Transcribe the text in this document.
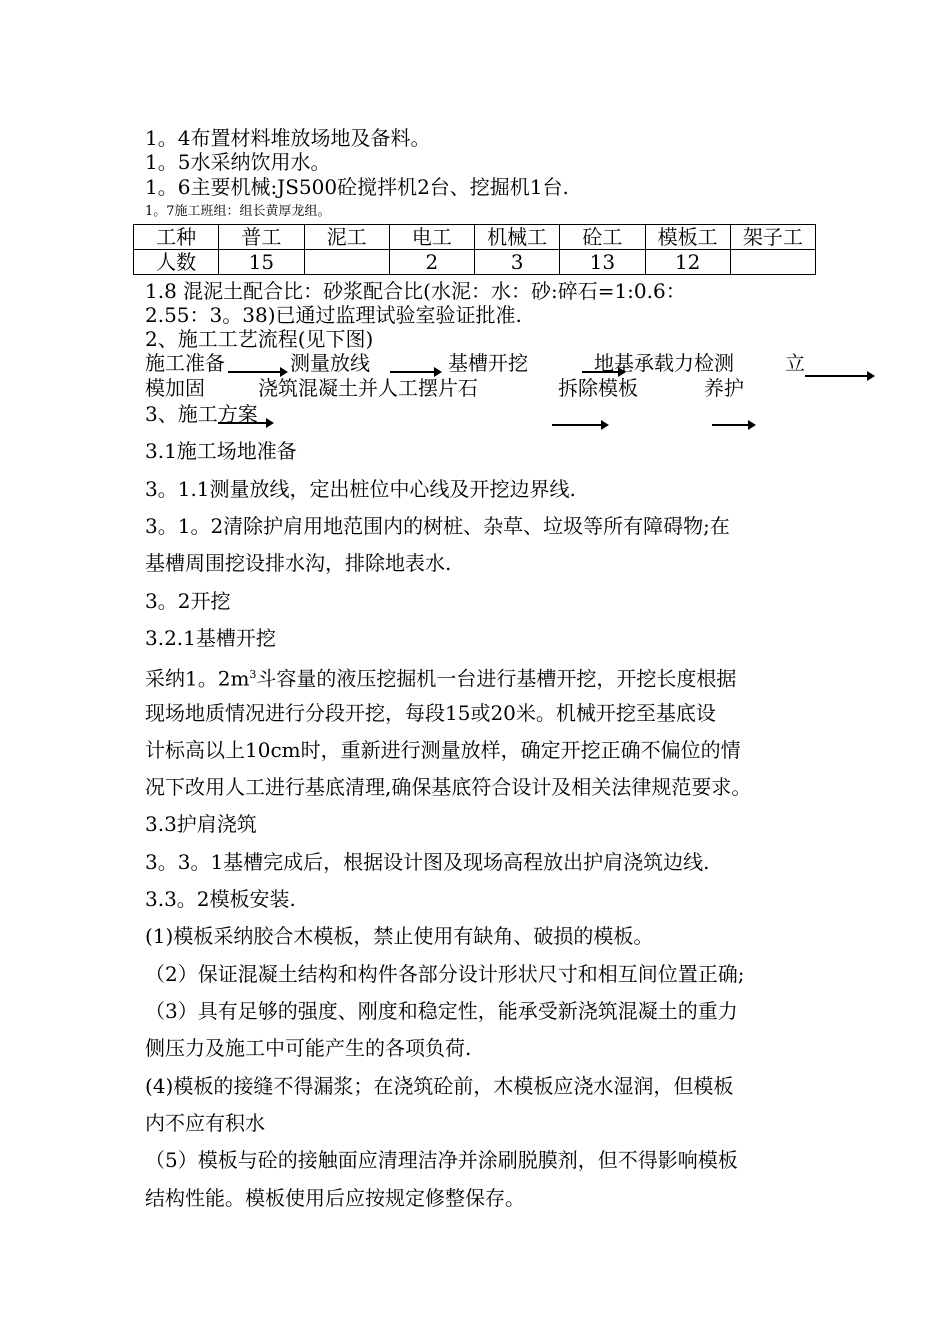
1。4布置材料堆放场地及备料。
1。5水采纳饮用水。
1。6主要机械:JS500砼搅拌机2台、挖掘机1台.
1。7施工班组：组长黄厚龙组。
工种	普工	泥工	电工	机械工	砼工	模板工	架子工
人数	15		2	3	13	12	
1.8 混泥土配合比：砂浆配合比(水泥：水：砂:碎石=1:0.6：
2.55：3。38)已通过监理试验室验证批准.
2、施工工艺流程(见下图)
施工准备	测量放线	基槽开挖	地基承载力检测	立
模加固	浇筑混凝土并人工摆片石	拆除模板	养护
3、施工方案
3.1施工场地准备
3。1.1测量放线，定出桩位中心线及开挖边界线.
3。1。2清除护肩用地范围内的树桩、杂草、垃圾等所有障碍物;在
基槽周围挖设排水沟，排除地表水.
3。2开挖
3.2.1基槽开挖
采纳1。$2m^3$斗容量的液压挖掘机一台进行基槽开挖，开挖长度根据
现场地质情况进行分段开挖，每段15或20米。机械开挖至基底设
计标高以上10cm时，重新进行测量放样，确定开挖正确不偏位的情
况下改用人工进行基底清理,确保基底符合设计及相关法律规范要求。
3.3护肩浇筑
3。3。1基槽完成后，根据设计图及现场高程放出护肩浇筑边线.
3.3。2模板安装.
(1)模板采纳胶合木模板，禁止使用有缺角、破损的模板。
（2）保证混凝土结构和构件各部分设计形状尺寸和相互间位置正确;
（3）具有足够的强度、刚度和稳定性，能承受新浇筑混凝土的重力
侧压力及施工中可能产生的各项负荷.
(4)模板的接缝不得漏浆；在浇筑砼前，木模板应浇水湿润，但模板
内不应有积水
（5）模板与砼的接触面应清理洁净并涂刷脱膜剂，但不得影响模板
结构性能。模板使用后应按规定修整保存。
